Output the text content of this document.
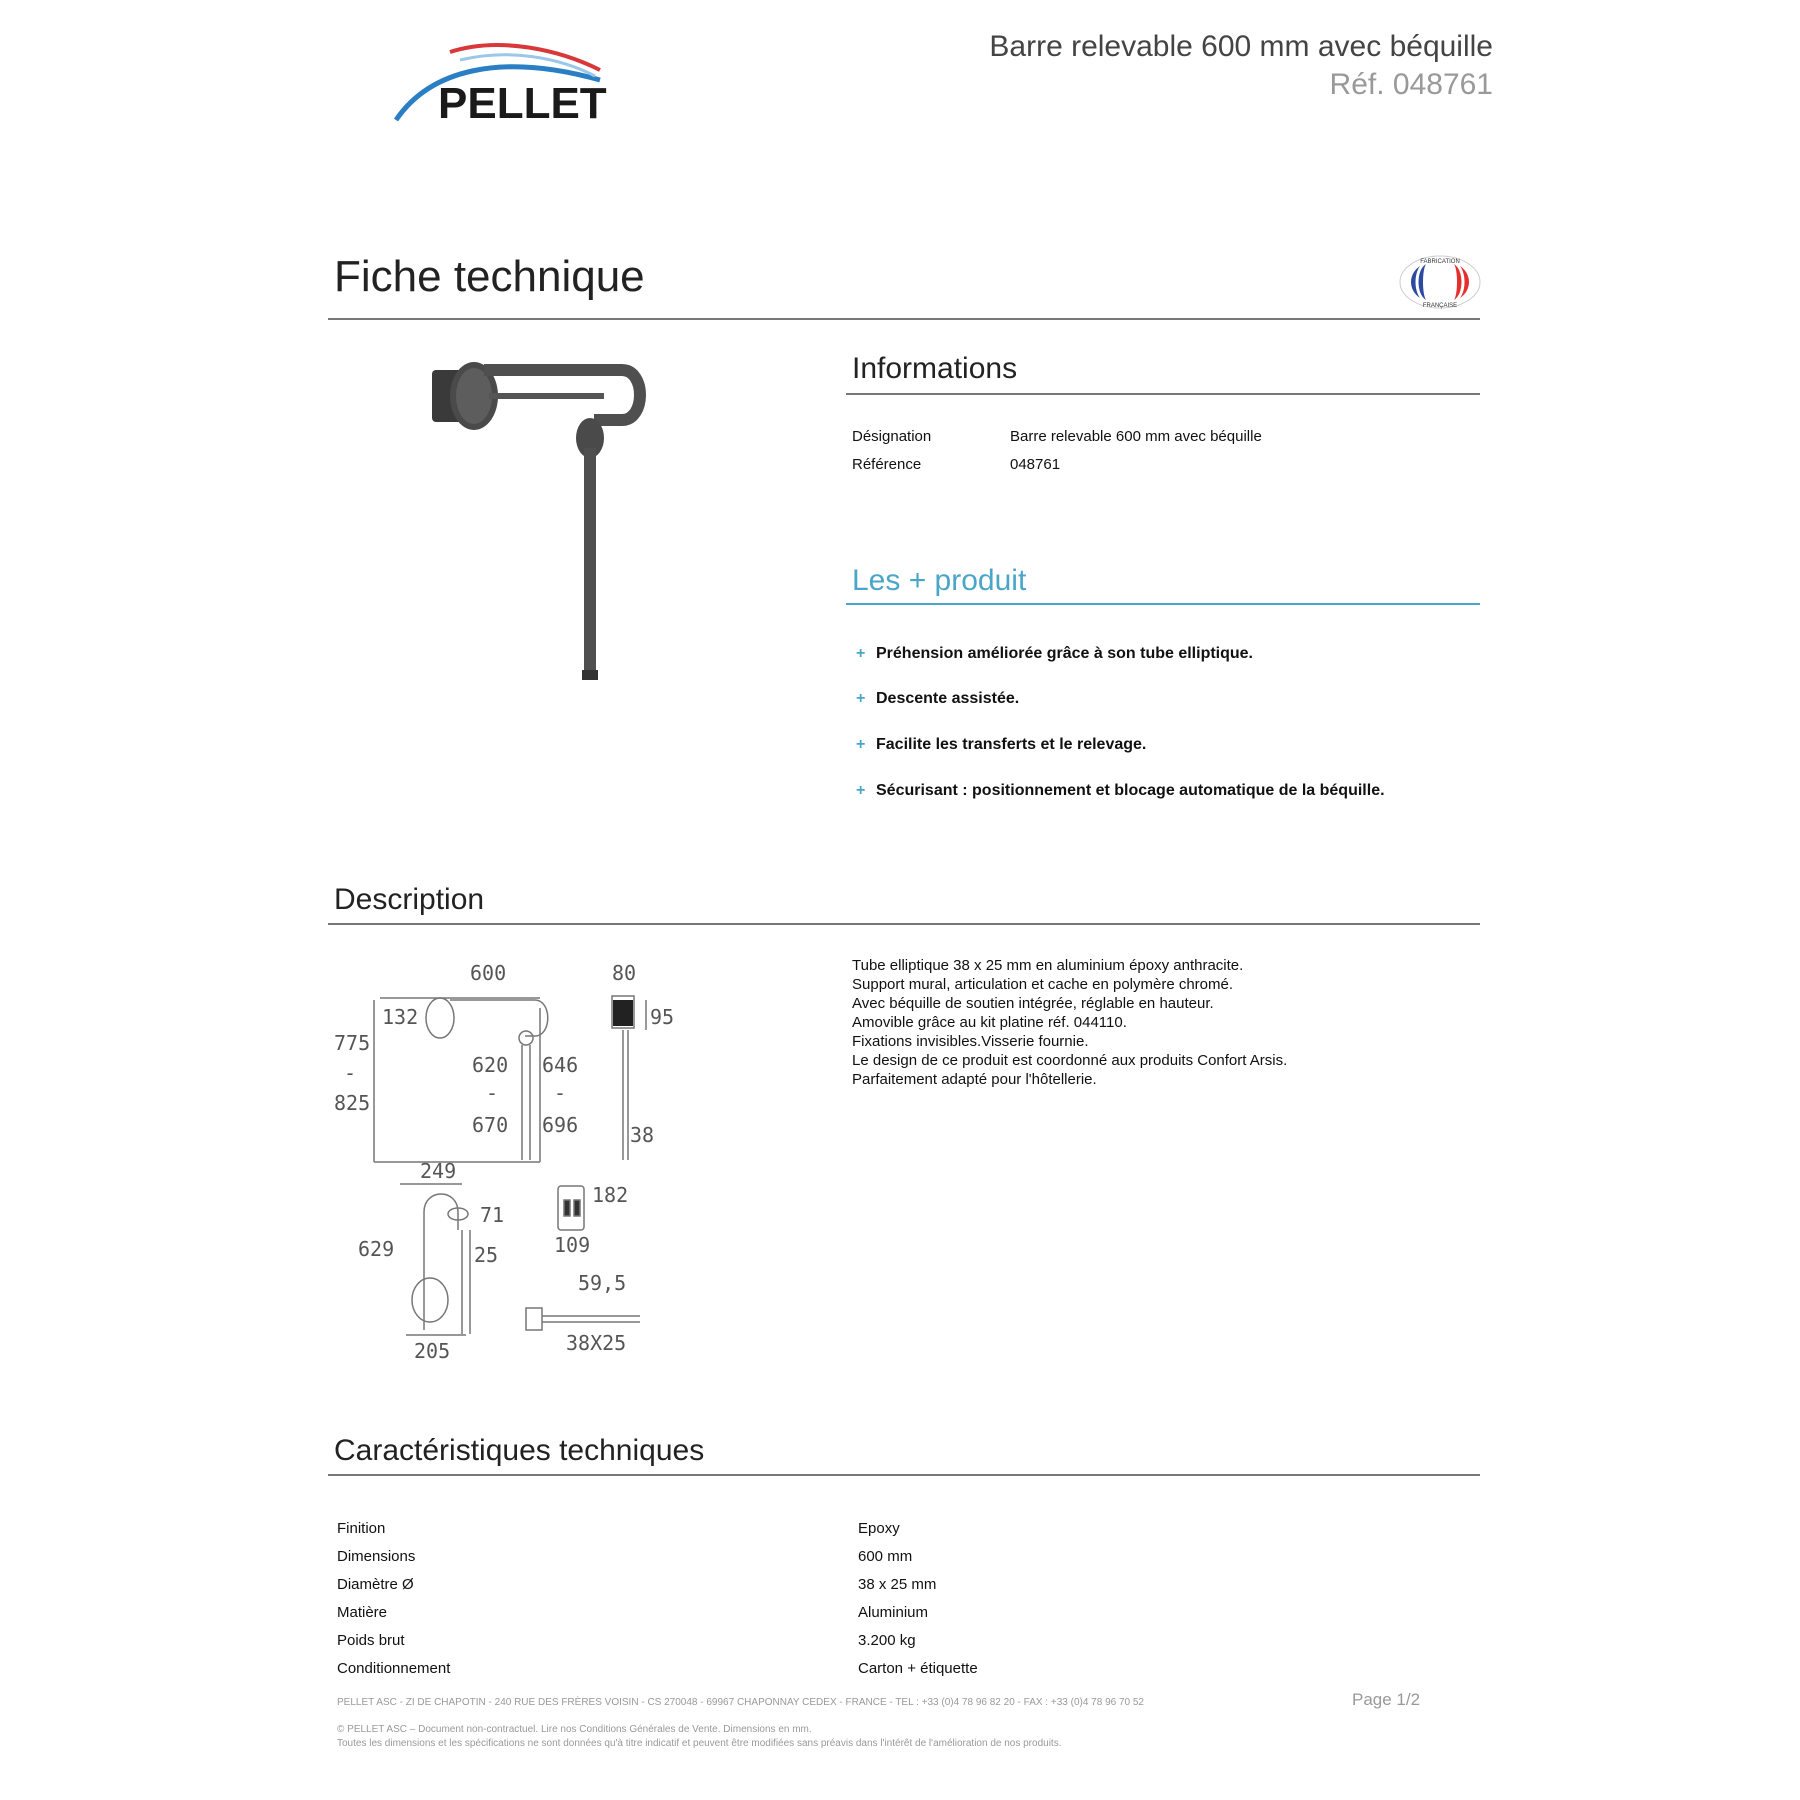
PELLET
Barre relevable 600 mm avec béquille
Réf. 048761
Fiche technique	FABRICATION
FRANÇAISE
Informations
Désignation	Barre relevable 600 mm avec béquille
Référence	048761
Les + produit
+ Préhension améliorée grâce à son tube elliptique.
+ Descente assistée.
+ Facilite les transferts et le relevage.
+ Sécurisant : positionnement et blocage automatique de la béquille.
Description
600	80
132	95
775
-
825
620
-
670
646
-
696	38
249
71
182
629	25	109
59,5
38X25
205
Tube elliptique 38 x 25 mm en aluminium époxy anthracite.
Support mural, articulation et cache en polymère chromé.
Avec béquille de soutien intégrée, réglable en hauteur.
Amovible grâce au kit platine réf. 044110.
Fixations invisibles.Visserie fournie.
Le design de ce produit est coordonné aux produits Confort Arsis.
Parfaitement adapté pour l'hôtellerie.
Caractéristiques techniques
Finition	Epoxy
Dimensions	600 mm
Diamètre Ø	38 x 25 mm
Matière	Aluminium
Poids brut	3.200 kg
Conditionnement	Carton + étiquette
PELLET ASC - ZI DE CHAPOTIN - 240 RUE DES FRÈRES VOISIN - CS 270048 - 69967 CHAPONNAY CEDEX - FRANCE - TEL : +33 (0)4 78 96 82 20 - FAX : +33 (0)4 78 96 70 52	Page 1/2
© PELLET ASC – Document non-contractuel. Lire nos Conditions Générales de Vente. Dimensions en mm.
Toutes les dimensions et les spécifications ne sont données qu'à titre indicatif et peuvent être modifiées sans préavis dans l'intérêt de l'amélioration de nos produits.
